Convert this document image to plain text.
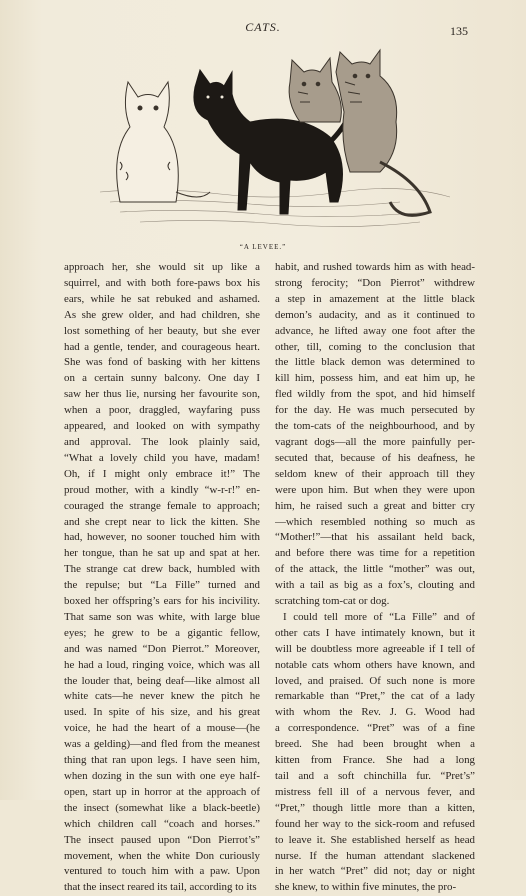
CATS.	135
“A LEVEE.”
approach her, she would sit up like a
squirrel, and with both fore-paws box his
ears, while he sat rebuked and ashamed.
As she grew older, and had children, she
lost something of her beauty, but she ever
had a gentle, tender, and courageous heart.
She was fond of basking with her kittens
on a certain sunny balcony. One day I
saw her thus lie, nursing her favourite son,
when a poor, draggled, wayfaring puss
appeared, and looked on with sympathy
and approval. The look plainly said,
“What a lovely child you have, madam!
Oh, if I might only embrace it!” The
proud mother, with a kindly “w-r-r!” en-
couraged the strange female to approach;
and she crept near to lick the kitten. She
had, however, no sooner touched him with
her tongue, than he sat up and spat at her.
The strange cat drew back, humbled with
the repulse; but “La Fille” turned and
boxed her offspring’s ears for his incivility.
That same son was white, with large blue
eyes; he grew to be a gigantic fellow,
and was named “Don Pierrot.” Moreover,
he had a loud, ringing voice, which was all
the louder that, being deaf—like almost all
white cats—he never knew the pitch he
used. In spite of his size, and his great
voice, he had the heart of a mouse—(he
was a gelding)—and fled from the meanest
thing that ran upon legs. I have seen him,
when dozing in the sun with one eye half-
open, start up in horror at the approach of
the insect (somewhat like a black-beetle)
which children call “coach and horses.”
The insect paused upon “Don Pierrot’s”
movement, when the white Don curiously
ventured to touch him with a paw. Upon
that the insect reared its tail, according to its
habit, and rushed towards him as with head-
strong ferocity; “Don Pierrot” withdrew
a step in amazement at the little black
demon’s audacity, and as it continued to
advance, he lifted away one foot after the
other, till, coming to the conclusion that
the little black demon was determined to
kill him, possess him, and eat him up, he
fled wildly from the spot, and hid himself
for the day. He was much persecuted by
the tom-cats of the neighbourhood, and by
vagrant dogs—all the more painfully per-
secuted that, because of his deafness, he
seldom knew of their approach till they
were upon him. But when they were upon
him, he raised such a great and bitter cry
—which resembled nothing so much as
“Mother!”—that his assailant held back,
and before there was time for a repetition
of the attack, the little “mother” was out,
with a tail as big as a fox’s, clouting and
scratching tom-cat or dog.
I could tell more of “La Fille” and of
other cats I have intimately known, but it
will be doubtless more agreeable if I tell of
notable cats whom others have known, and
loved, and praised. Of such none is more
remarkable than “Pret,” the cat of a lady
with whom the Rev. J. G. Wood had
a correspondence. “Pret” was of a fine
breed. She had been brought when a
kitten from France. She had a long
tail and a soft chinchilla fur. “Pret’s”
mistress fell ill of a nervous fever, and
“Pret,” though little more than a kitten,
found her way to the sick-room and refused
to leave it. She established herself as head
nurse. If the human attendant slackened
in her watch “Pret” did not; day or night
she knew, to within five minutes, the pro-
